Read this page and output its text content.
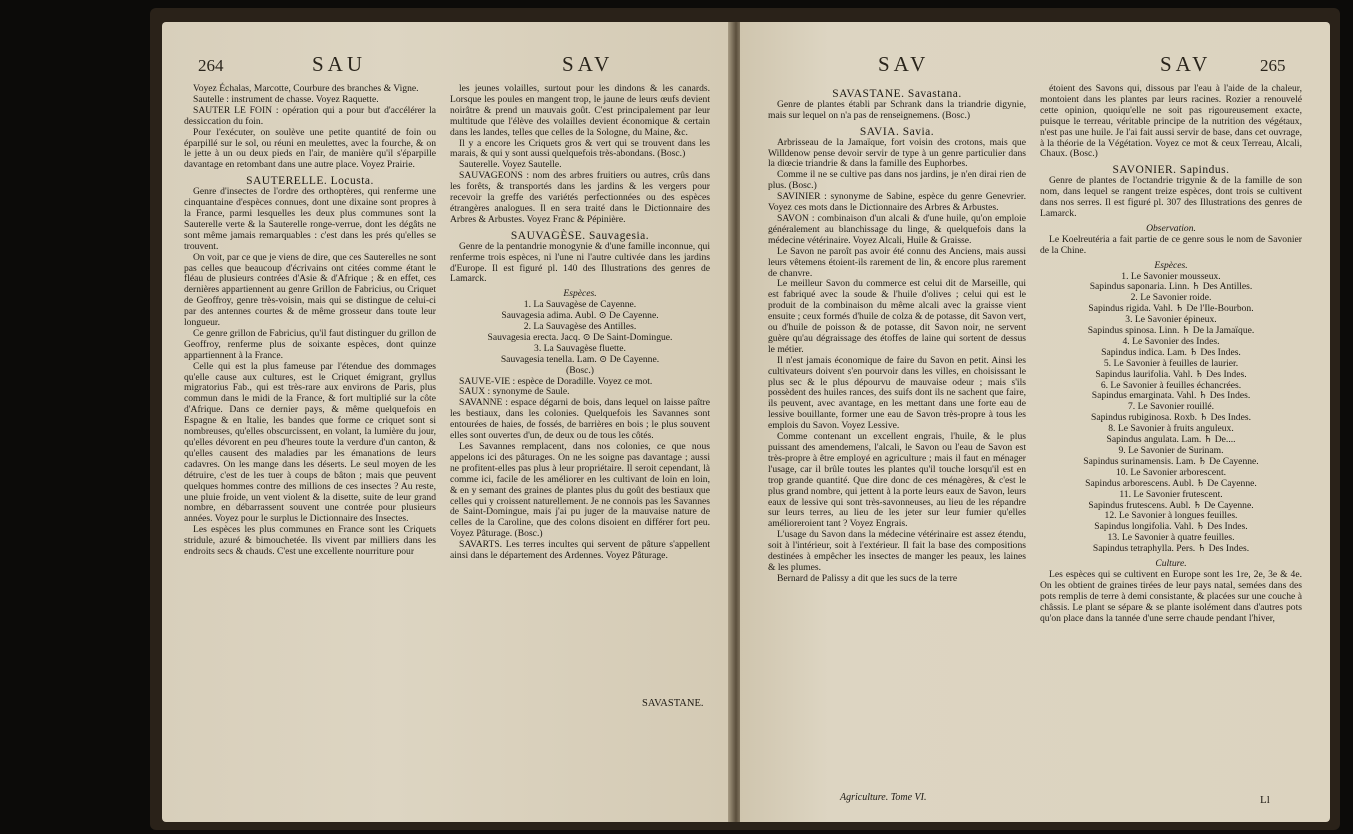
264	SAU	SAV

Voyez Échalas, Marcotte, Courbure des branches & Vigne.

Sautelle : instrument de chasse. Voyez Raquette.

SAUTER LE FOIN : opération qui a pour but d'accélérer la dessiccation du foin.

Pour l'exécuter, on soulève une petite quantité de foin ou éparpillé sur le sol, ou réuni en meulettes, avec la fourche, & on le jette à un ou deux pieds en l'air, de manière qu'il s'éparpille davantage en retombant dans une autre place. Voyez Prairie.

SAUTERELLE. Locusta.

Genre d'insectes de l'ordre des orthoptères, qui renferme une cinquantaine d'espèces connues, dont une dixaine sont propres à la France, parmi lesquelles les deux plus communes sont la Sauterelle verte & la Sauterelle ronge-verrue, dont les dégâts ne sont même jamais remarquables : c'est dans les prés qu'elles se trouvent.

On voit, par ce que je viens de dire, que ces Sauterelles ne sont pas celles que beaucoup d'écrivains ont citées comme étant le fléau de plusieurs contrées d'Asie & d'Afrique ; & en effet, ces dernières appartiennent au genre Grillon de Fabricius, ou Criquet de Geoffroy, genre très-voisin, mais qui se distingue de celui-ci par des antennes courtes & de même grosseur dans toute leur longueur.

Ce genre grillon de Fabricius, qu'il faut distinguer du grillon de Geoffroy, renferme plus de soixante espèces, dont quinze appartiennent à la France.

Celle qui est la plus fameuse par l'étendue des dommages qu'elle cause aux cultures, est le Criquet émigrant, gryllus migratorius Fab., qui est très-rare aux environs de Paris, plus commun dans le midi de la France, & fort multiplié sur la côte d'Afrique. Dans ce dernier pays, & même quelquefois en Espagne & en Italie, les bandes que forme ce criquet sont si nombreuses, qu'elles obscurcissent, en volant, la lumière du jour, qu'elles dévorent en peu d'heures toute la verdure d'un canton, & qu'elles causent des maladies par les émanations de leurs cadavres. On les mange dans les déserts. Le seul moyen de les détruire, c'est de les tuer à coups de bâton ; mais que peuvent quelques hommes contre des millions de ces insectes ? Au reste, une pluie froide, un vent violent & la disette, suite de leur grand nombre, en débarrassent souvent une contrée pour plusieurs années. Voyez pour le surplus le Dictionnaire des Insectes.

Les espèces les plus communes en France sont les Criquets stridule, azuré & bimouchetée. Ils vivent par milliers dans les endroits secs & chauds. C'est une excellente nourriture pour

les jeunes volailles, surtout pour les dindons & les canards. Lorsque les poules en mangent trop, le jaune de leurs œufs devient noirâtre & prend un mauvais goût. C'est principalement par leur multitude que l'élève des volailles devient économique & certain dans les landes, telles que celles de la Sologne, du Maine, &c.

Il y a encore les Criquets gros & vert qui se trouvent dans les marais, & qui y sont aussi quelquefois très-abondans. (Bosc.)

Sauterelle. Voyez Sautelle.

SAUVAGEONS : nom des arbres fruitiers ou autres, crûs dans les forêts, & transportés dans les jardins & les vergers pour recevoir la greffe des variétés perfectionnées ou des espèces étrangères analogues. Il en sera traité dans le Dictionnaire des Arbres & Arbustes. Voyez Franc & Pépinière.

SAUVAGÈSE. Sauvagesia.

Genre de la pentandrie monogynie & d'une famille inconnue, qui renferme trois espèces, ni l'une ni l'autre cultivée dans les jardins d'Europe. Il est figuré pl. 140 des Illustrations des genres de Lamarck.

Espèces.

1. La Sauvagèse de Cayenne.

Sauvagesia adima. Aubl. ⊙ De Cayenne.

2. La Sauvagèse des Antilles.

Sauvagesia erecta. Jacq. ⊙ De Saint-Domingue.

3. La Sauvagèse fluette.

Sauvagesia tenella. Lam. ⊙ De Cayenne.

(Bosc.)

SAUVE-VIE : espèce de Doradille. Voyez ce mot.

SAUX : synonyme de Saule.

SAVANNE : espace dégarni de bois, dans lequel on laisse paître les bestiaux, dans les colonies. Quelquefois les Savannes sont entourées de haies, de fossés, de barrières en bois ; le plus souvent elles sont ouvertes d'un, de deux ou de tous les côtés.

Les Savannes remplacent, dans nos colonies, ce que nous appelons ici des pâturages. On ne les soigne pas davantage ; aussi ne profitent-elles pas plus à leur propriétaire. Il seroit cependant, là comme ici, facile de les améliorer en les cultivant de loin en loin, & en y semant des graines de plantes plus du goût des bestiaux que celles qui y croissent naturellement. Je ne connois pas les Savannes de Saint-Domingue, mais j'ai pu juger de la mauvaise nature de celles de la Caroline, que des colons disoient en différer fort peu. Voyez Pâturage. (Bosc.)

SAVARTS. Les terres incultes qui servent de pâture s'appellent ainsi dans le département des Ardennes. Voyez Pâturage.

SAVASTANE.
SAV	SAV	265

SAVASTANE. Savastana.

Genre de plantes établi par Schrank dans la triandrie digynie, mais sur lequel on n'a pas de renseignemens. (Bosc.)

SAVIA. Savia.

Arbrisseau de la Jamaïque, fort voisin des crotons, mais que Willdenow pense devoir servir de type à un genre particulier dans la diœcie triandrie & dans la famille des Euphorbes.

Comme il ne se cultive pas dans nos jardins, je n'en dirai rien de plus. (Bosc.)

SAVINIER : synonyme de Sabine, espèce du genre Genevrier. Voyez ces mots dans le Dictionnaire des Arbres & Arbustes.

SAVON : combinaison d'un alcali & d'une huile, qu'on emploie généralement au blanchissage du linge, & quelquefois dans la médecine vétérinaire. Voyez Alcali, Huile & Graisse.

Le Savon ne paroît pas avoir été connu des Anciens, mais aussi leurs vêtemens étoient-ils rarement de lin, & encore plus rarement de chanvre.

Le meilleur Savon du commerce est celui dit de Marseille, qui est fabriqué avec la soude & l'huile d'olives ; celui qui est le produit de la combinaison du même alcali avec la graisse vient ensuite ; ceux formés d'huile de colza & de potasse, dit Savon vert, ou d'huile de poisson & de potasse, dit Savon noir, ne servent guère qu'au dégraissage des étoffes de laine qui sortent de dessus le métier.

Il n'est jamais économique de faire du Savon en petit. Ainsi les cultivateurs doivent s'en pourvoir dans les villes, en choisissant le plus sec & le plus dépourvu de mauvaise odeur ; mais s'ils possèdent des huiles rances, des suifs dont ils ne sachent que faire, ils peuvent, avec avantage, en les mettant dans une forte eau de lessive bouillante, former une eau de Savon très-propre à tous les emplois du Savon. Voyez Lessive.

Comme contenant un excellent engrais, l'huile, & le plus puissant des amendemens, l'alcali, le Savon ou l'eau de Savon est très-propre à être employé en agriculture ; mais il faut en ménager l'usage, car il brûle toutes les plantes qu'il touche lorsqu'il est en trop grande quantité. Que dire donc de ces ménagères, & c'est le plus grand nombre, qui jettent à la porte leurs eaux de Savon, leurs eaux de lessive qui sont très-savonneuses, au lieu de les répandre sur leurs terres, au lieu de les jeter sur leur fumier qu'elles amélioreroient tant ? Voyez Engrais.

L'usage du Savon dans la médecine vétérinaire est assez étendu, soit à l'intérieur, soit à l'extérieur. Il fait la base des compositions destinées à empêcher les insectes de manger les peaux, les laines & les plumes.

Bernard de Palissy a dit que les sucs de la terre

étoient des Savons qui, dissous par l'eau à l'aide de la chaleur, montoient dans les plantes par leurs racines. Rozier a renouvelé cette opinion, quoiqu'elle ne soit pas rigoureusement exacte, puisque le terreau, véritable principe de la nutrition des végétaux, n'est pas une huile. Je l'ai fait aussi servir de base, dans cet ouvrage, à la théorie de la Végétation. Voyez ce mot & ceux Terreau, Alcali, Chaux. (Bosc.)

SAVONIER. Sapindus.

Genre de plantes de l'octandrie trigynie & de la famille de son nom, dans lequel se rangent treize espèces, dont trois se cultivent dans nos serres. Il est figuré pl. 307 des Illustrations des genres de Lamarck.

Observation.

Le Koelreutéria a fait partie de ce genre sous le nom de Savonier de la Chine.

Espèces.

1. Le Savonier mousseux.

Sapindus saponaria. Linn. ♄ Des Antilles.

2. Le Savonier roide.

Sapindus rigida. Vahl. ♄ De l'Ile-Bourbon.

3. Le Savonier épineux.

Sapindus spinosa. Linn. ♄ De la Jamaïque.

4. Le Savonier des Indes.

Sapindus indica. Lam. ♄ Des Indes.

5. Le Savonier à feuilles de laurier.

Sapindus laurifolia. Vahl. ♄ Des Indes.

6. Le Savonier à feuilles échancrées.

Sapindus emarginata. Vahl. ♄ Des Indes.

7. Le Savonier rouillé.

Sapindus rubiginosa. Roxb. ♄ Des Indes.

8. Le Savonier à fruits anguleux.

Sapindus angulata. Lam. ♄ De....

9. Le Savonier de Surinam.

Sapindus surinamensis. Lam. ♄ De Cayenne.

10. Le Savonier arborescent.

Sapindus arborescens. Aubl. ♄ De Cayenne.

11. Le Savonier frutescent.

Sapindus frutescens. Aubl. ♄ De Cayenne.

12. Le Savonier à longues feuilles.

Sapindus longifolia. Vahl. ♄ Des Indes.

13. Le Savonier à quatre feuilles.

Sapindus tetraphylla. Pers. ♄ Des Indes.

Culture.

Les espèces qui se cultivent en Europe sont les 1re, 2e, 3e & 4e. On les obtient de graines tirées de leur pays natal, semées dans des pots remplis de terre à demi consistante, & placées sur une couche à châssis. Le plant se sépare & se plante isolément dans d'autres pots qu'on place dans la tannée d'une serre chaude pendant l'hiver,

Agriculture. Tome VI.	Ll
